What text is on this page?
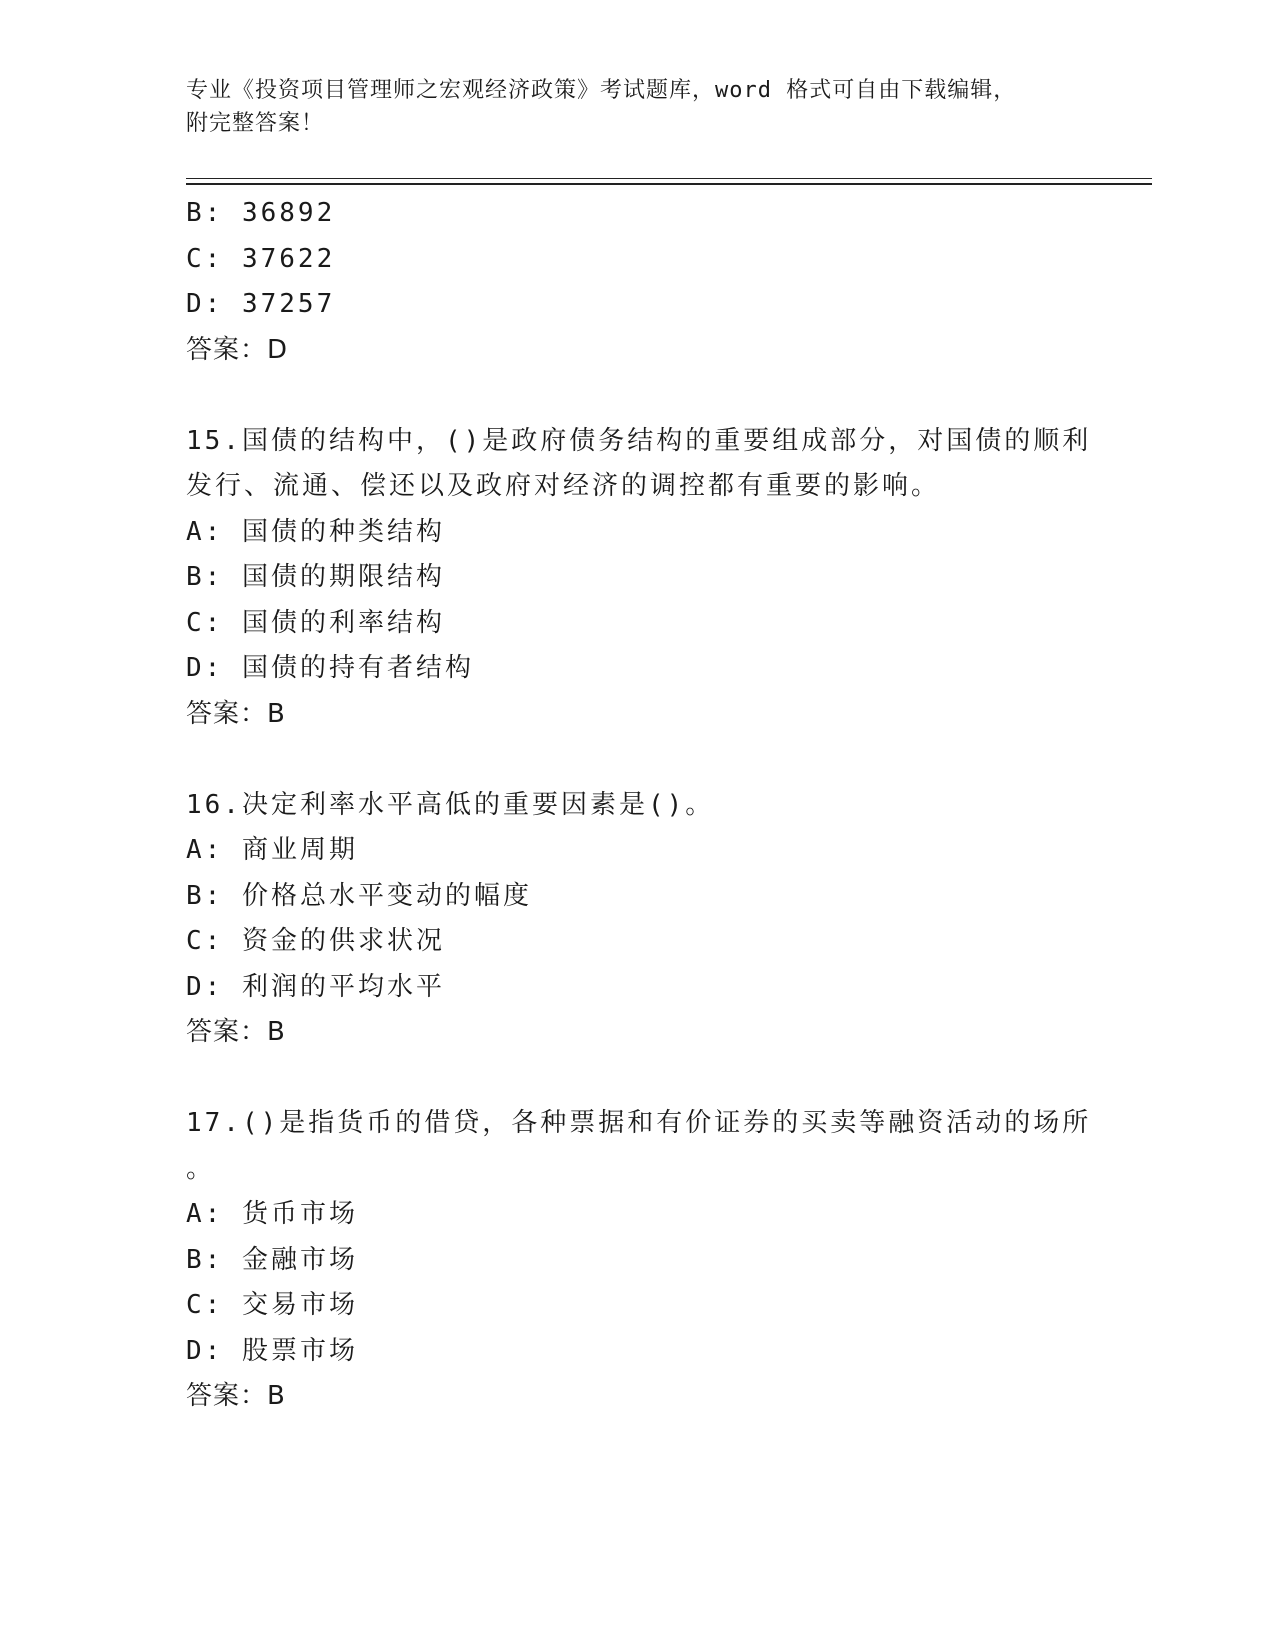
专业《投资项目管理师之宏观经济政策》考试题库，word 格式可自由下载编辑，
附完整答案！
B: 36892
C: 37622
D: 37257
答案：D
15.国债的结构中，()是政府债务结构的重要组成部分，对国债的顺利
发行、流通、偿还以及政府对经济的调控都有重要的影响。
A: 国债的种类结构
B: 国债的期限结构
C: 国债的利率结构
D: 国债的持有者结构
答案：B
16.决定利率水平高低的重要因素是()。
A: 商业周期
B: 价格总水平变动的幅度
C: 资金的供求状况
D: 利润的平均水平
答案：B
17.()是指货币的借贷，各种票据和有价证券的买卖等融资活动的场所
。
A: 货币市场
B: 金融市场
C: 交易市场
D: 股票市场
答案：B
